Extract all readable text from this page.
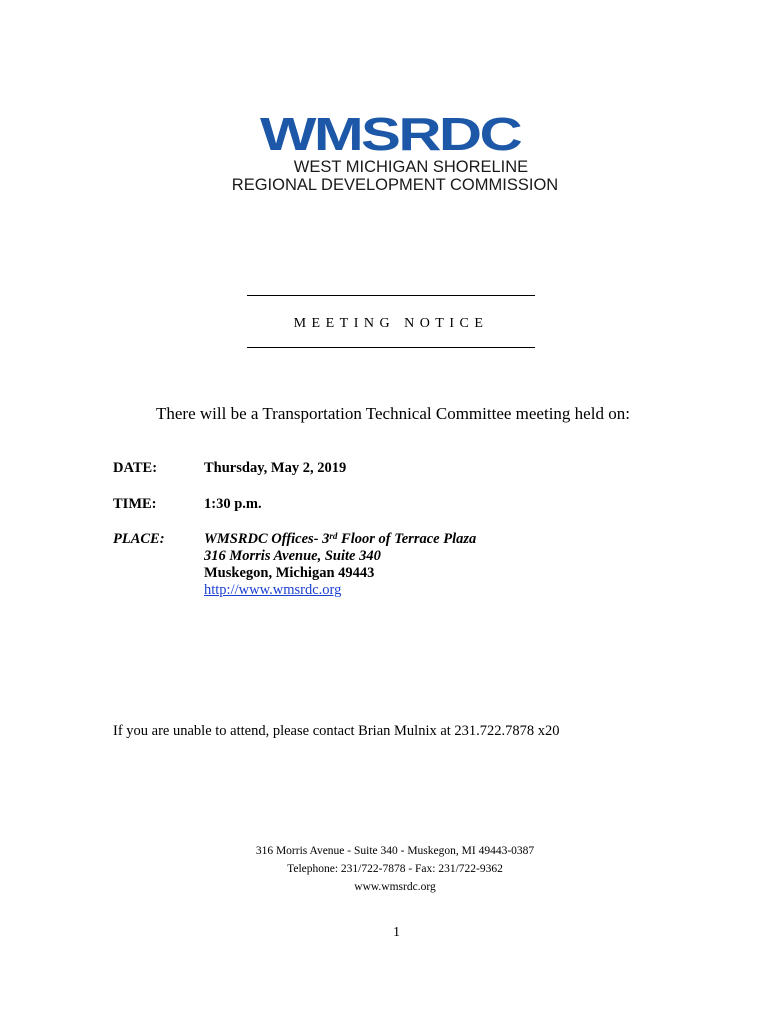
WMSRDC
WEST MICHIGAN SHORELINE
REGIONAL DEVELOPMENT COMMISSION
MEETING NOTICE
There will be a Transportation Technical Committee meeting held on:
DATE:	Thursday, May 2, 2019
TIME:	1:30 p.m.
PLACE:	WMSRDC Offices- 3rd Floor of Terrace Plaza
316 Morris Avenue, Suite 340
Muskegon, Michigan 49443
http://www.wmsrdc.org
If you are unable to attend, please contact Brian Mulnix at 231.722.7878 x20
316 Morris Avenue - Suite 340 - Muskegon, MI 49443-0387
Telephone: 231/722-7878 - Fax: 231/722-9362
www.wmsrdc.org
1
